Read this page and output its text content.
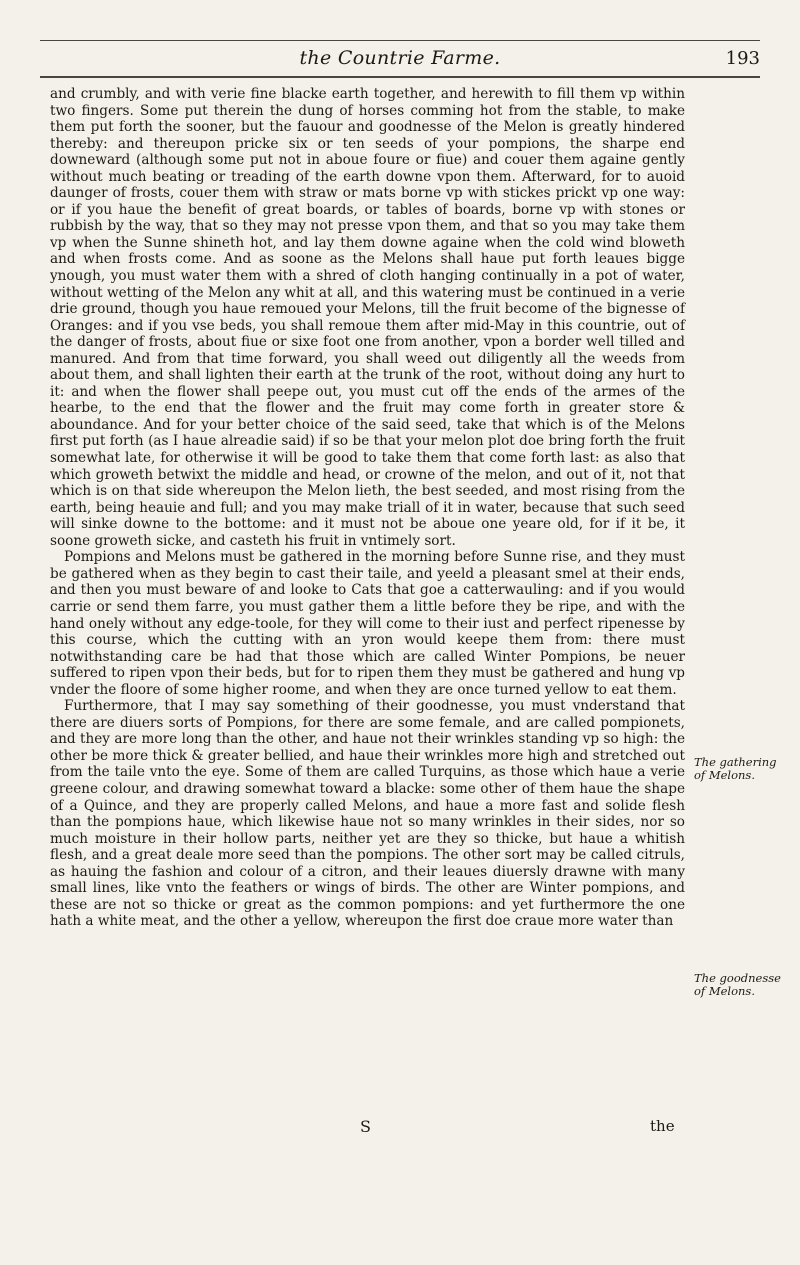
the Countrie Farme.	193

and crumbly, and with verie fine blacke earth together, and herewith to fill them vp within two fingers. Some put therein the dung of horses comming hot from the stable, to make them put forth the sooner, but the fauour and goodnesse of the Melon is greatly hindered thereby: and thereupon pricke six or ten seeds of your pompions, the sharpe end downeward (although some put not in aboue foure or fiue) and couer them againe gently without much beating or treading of the earth downe vpon them. Afterward, for to auoid daunger of frosts, couer them with straw or mats borne vp with stickes prickt vp one way: or if you haue the benefit of great boards, or tables of boards, borne vp with stones or rubbish by the way, that so they may not presse vpon them, and that so you may take them vp when the Sunne shineth hot, and lay them downe againe when the cold wind bloweth and when frosts come. And as soone as the Melons shall haue put forth leaues bigge ynough, you must water them with a shred of cloth hanging continually in a pot of water, without wetting of the Melon any whit at all, and this watering must be continued in a verie drie ground, though you haue remoued your Melons, till the fruit become of the bignesse of Oranges: and if you vse beds, you shall remoue them after mid-May in this countrie, out of the danger of frosts, about fiue or sixe foot one from another, vpon a border well tilled and manured. And from that time forward, you shall weed out diligently all the weeds from about them, and shall lighten their earth at the trunk of the root, without doing any hurt to it: and when the flower shall peepe out, you must cut off the ends of the armes of the hearbe, to the end that the flower and the fruit may come forth in greater store & aboundance. And for your better choice of the said seed, take that which is of the Melons first put forth (as I haue alreadie said) if so be that your melon plot doe bring forth the fruit somewhat late, for otherwise it will be good to take them that come forth last: as also that which groweth betwixt the middle and head, or crowne of the melon, and out of it, not that which is on that side whereupon the Melon lieth, the best seeded, and most rising from the earth, being heauie and full; and you may make triall of it in water, because that such seed will sinke downe to the bottome: and it must not be aboue one yeare old, for if it be, it soone groweth sicke, and casteth his fruit in vntimely sort.

Pompions and Melons must be gathered in the morning before Sunne rise, and they must be gathered when as they begin to cast their taile, and yeeld a pleasant smel at their ends, and then you must beware of and looke to Cats that goe a catterwauling: and if you would carrie or send them farre, you must gather them a little before they be ripe, and with the hand onely without any edge-toole, for they will come to their iust and perfect ripenesse by this course, which the cutting with an yron would keepe them from: there must notwithstanding care be had that those which are called Winter Pompions, be neuer suffered to ripen vpon their beds, but for to ripen them they must be gathered and hung vp vnder the floore of some higher roome, and when they are once turned yellow to eat them.

Furthermore, that I may say something of their goodnesse, you must vnderstand that there are diuers sorts of Pompions, for there are some female, and are called pompionets, and they are more long than the other, and haue not their wrinkles standing vp so high: the other be more thick & greater bellied, and haue their wrinkles more high and stretched out from the taile vnto the eye. Some of them are called Turquins, as those which haue a verie greene colour, and drawing somewhat toward a blacke: some other of them haue the shape of a Quince, and they are properly called Melons, and haue a more fast and solide flesh than the pompions haue, which likewise haue not so many wrinkles in their sides, nor so much moisture in their hollow parts, neither yet are they so thicke, but haue a whitish flesh, and a great deale more seed than the pompions. The other sort may be called citruls, as hauing the fashion and colour of a citron, and their leaues diuersly drawne with many small lines, like vnto the feathers or wings of birds. The other are Winter pompions, and these are not so thicke or great as the common pompions: and yet furthermore the one hath a white meat, and the other a yellow, whereupon the first doe craue more water than

The gathering of Melons.
The goodnesse of Melons.
S	the
